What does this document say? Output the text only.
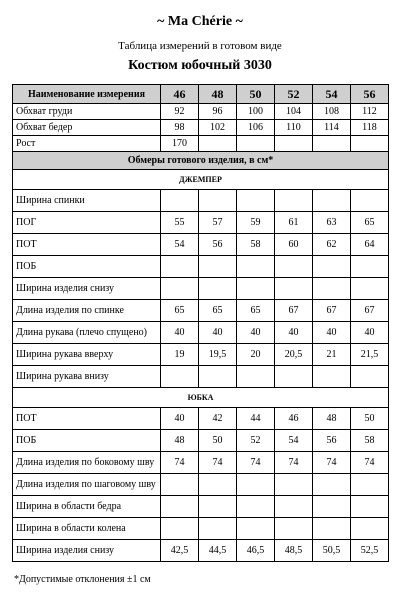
~ Ma Chérie ~
Таблица измерений в готовом виде
Костюм юбочный 3030
Наименование измерения	46	48	50	52	54	56
Обхват груди	92	96	100	104	108	112
Обхват бедер	98	102	106	110	114	118
Рост	170					
Обмеры готового изделия, в см*						
ДЖЕМПЕР						
Ширина спинки						
ПОГ	55	57	59	61	63	65
ПОТ	54	56	58	60	62	64
ПОБ						
Ширина изделия снизу						
Длина изделия по спинке	65	65	65	67	67	67
Длина рукава (плечо спущено)	40	40	40	40	40	40
Ширина рукава вверху	19	19,5	20	20,5	21	21,5
Ширина рукава внизу						
ЮБКА						
ПОТ	40	42	44	46	48	50
ПОБ	48	50	52	54	56	58
Длина изделия по боковому шву	74	74	74	74	74	74
Длина изделия по шаговому шву						
Ширина в области бедра						
Ширина в области колена						
Ширина изделия снизу	42,5	44,5	46,5	48,5	50,5	52,5
*Допустимые отклонения ±1 см
